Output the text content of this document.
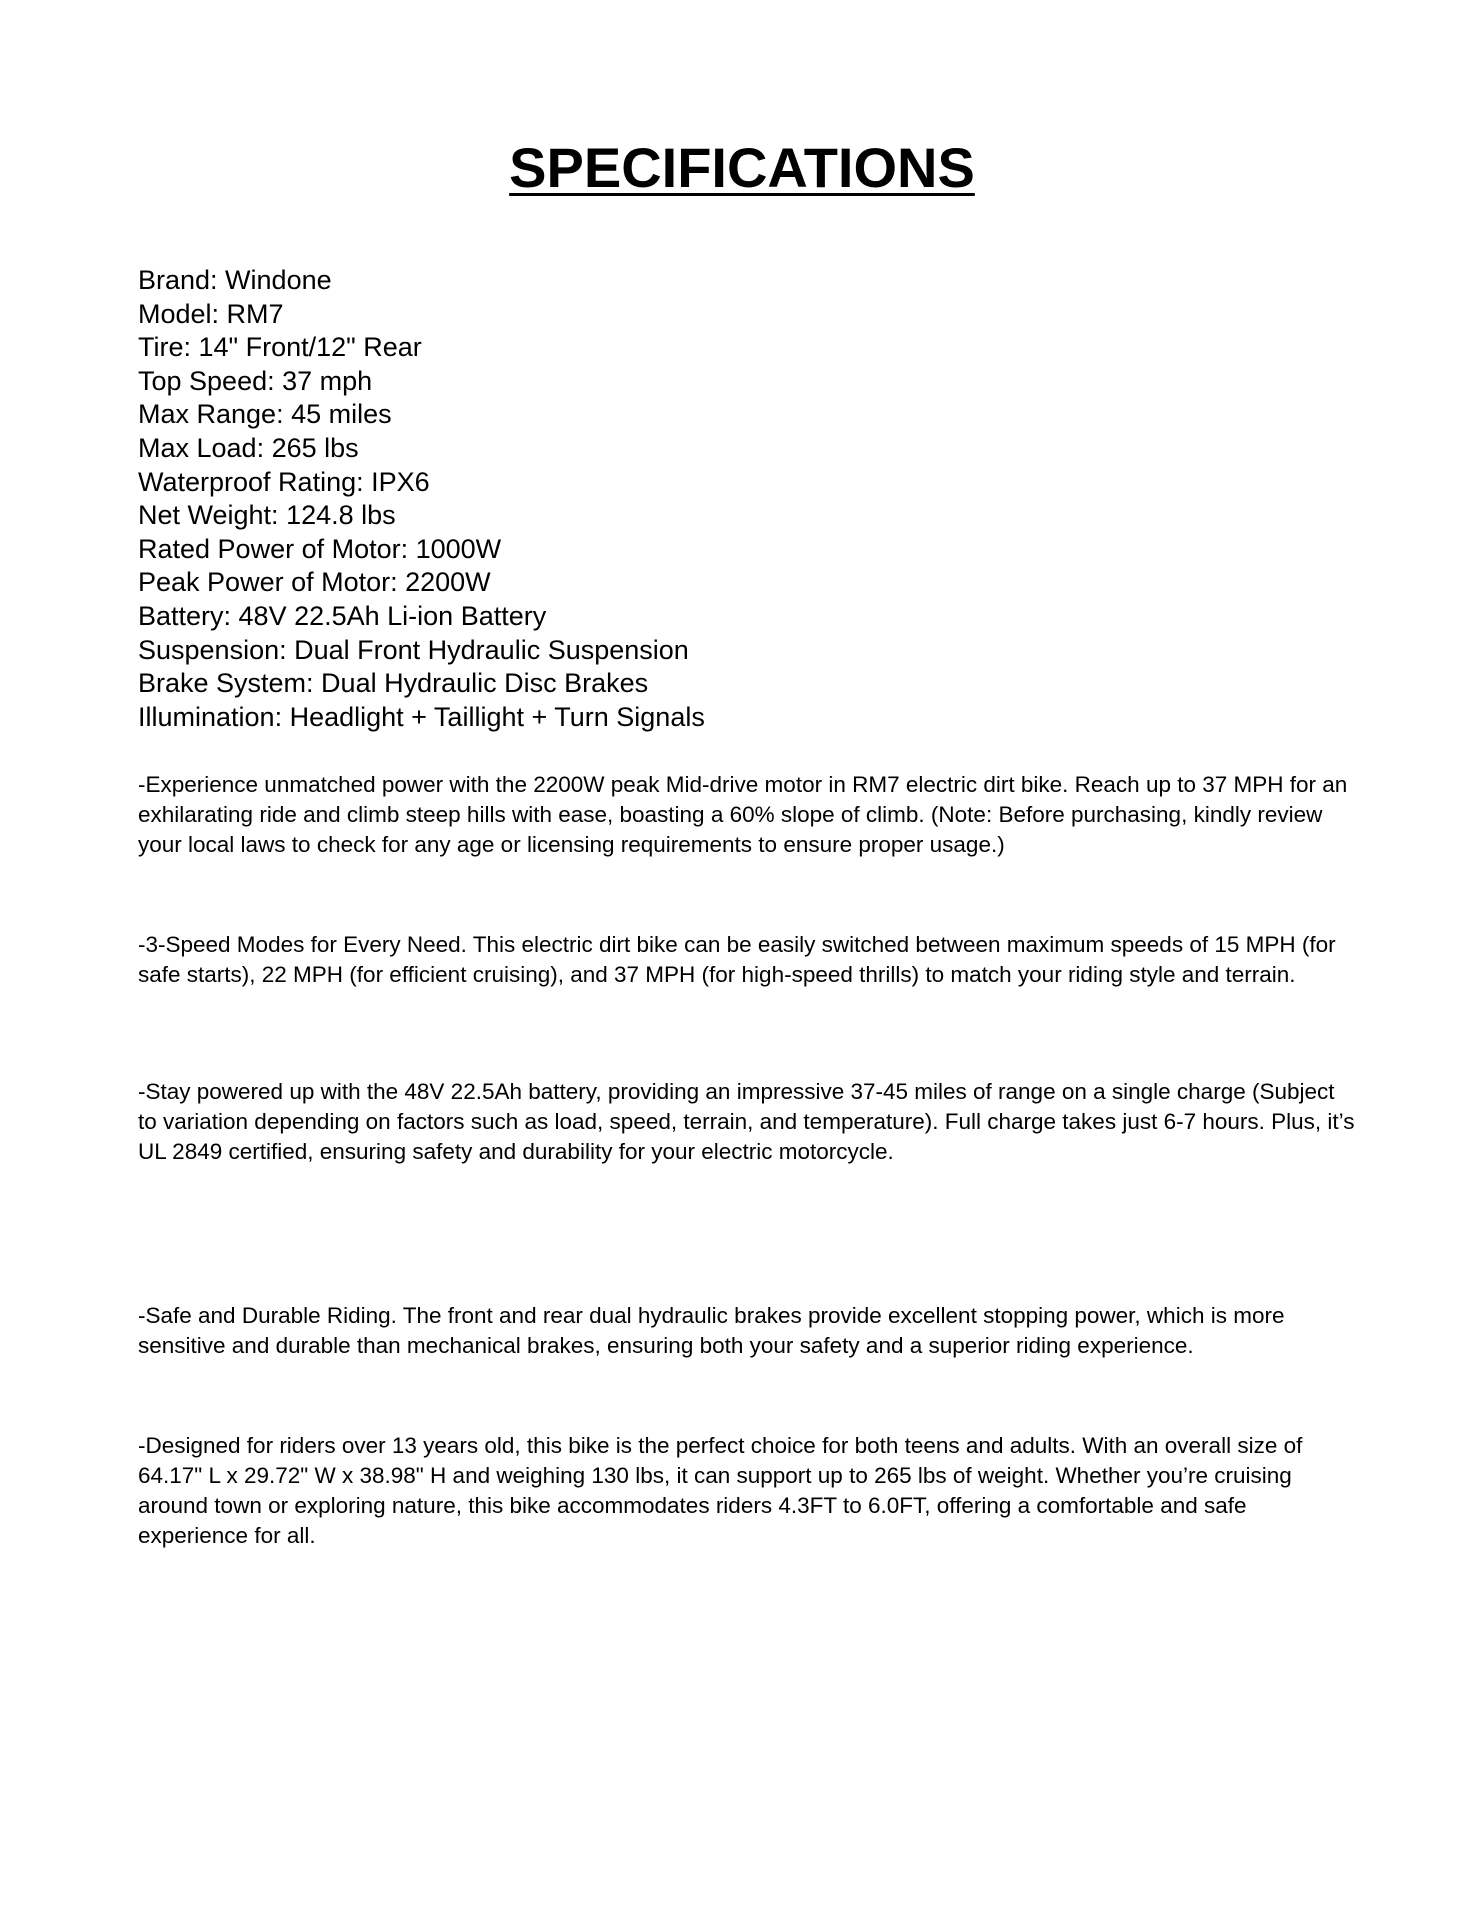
SPECIFICATIONS
Brand: Windone
Model: RM7
Tire: 14" Front/12" Rear
Top Speed: 37 mph
Max Range: 45 miles
Max Load: 265 lbs
Waterproof Rating: IPX6
Net Weight: 124.8 lbs
Rated Power of Motor: 1000W
Peak Power of Motor: 2200W
Battery: 48V 22.5Ah Li-ion Battery
Suspension: Dual Front Hydraulic Suspension
Brake System: Dual Hydraulic Disc Brakes
Illumination: Headlight + Taillight + Turn Signals

-Experience unmatched power with the 2200W peak Mid-drive motor in RM7 electric dirt bike. Reach up to 37 MPH for an exhilarating ride and climb steep hills with ease, boasting a 60% slope of climb. (Note: Before purchasing, kindly review your local laws to check for any age or licensing requirements to ensure proper usage.)

-3-Speed Modes for Every Need. This electric dirt bike can be easily switched between maximum speeds of 15 MPH (for safe starts), 22 MPH (for efficient cruising), and 37 MPH (for high-speed thrills) to match your riding style and terrain.

-Stay powered up with the 48V 22.5Ah battery, providing an impressive 37-45 miles of range on a single charge (Subject to variation depending on factors such as load, speed, terrain, and temperature). Full charge takes just 6-7 hours. Plus, it’s UL 2849 certified, ensuring safety and durability for your electric motorcycle.

-Safe and Durable Riding. The front and rear dual hydraulic brakes provide excellent stopping power, which is more sensitive and durable than mechanical brakes, ensuring both your safety and a superior riding experience.

-Designed for riders over 13 years old, this bike is the perfect choice for both teens and adults. With an overall size of 64.17" L x 29.72" W x 38.98" H and weighing 130 lbs, it can support up to 265 lbs of weight. Whether you’re cruising around town or exploring nature, this bike accommodates riders 4.3FT to 6.0FT, offering a comfortable and safe experience for all.
